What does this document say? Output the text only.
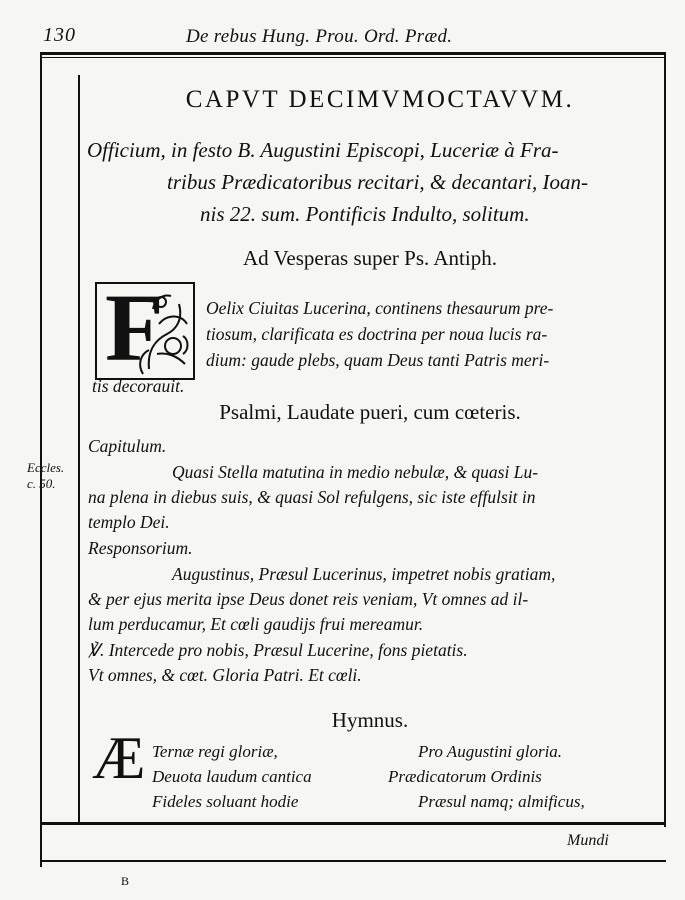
130	De rebus Hung. Prou. Ord. Præd.
CAPVT DECIMVMOCTAVVM.
Officium, in festo B. Augustini Episcopi, Luceriæ à Fra-
tribus Prædicatoribus recitari, & decantari, Ioan-
nis 22. sum. Pontificis Indulto, solitum.
Ad Vesperas super Ps. Antiph.
F Oelix Ciuitas Lucerina, continens thesaurum pre-
tiosum, clarificata es doctrina per noua lucis ra-
dium: gaude plebs, quam Deus tanti Patris meri-
tis decorauit.
Psalmi, Laudate pueri, cum cœteris.
Eccles.
c. 50.
Capitulum.
Quasi Stella matutina in medio nebulæ, & quasi Lu-
na plena in diebus suis, & quasi Sol refulgens, sic iste effulsit in
templo Dei.
Responsorium.
Augustinus, Præsul Lucerinus, impetret nobis gratiam,
& per ejus merita ipse Deus donet reis veniam, Vt omnes ad il-
lum perducamur, Et cœli gaudijs frui mereamur.
℣. Intercede pro nobis, Præsul Lucerine, fons pietatis.
Vt omnes, & cœt. Gloria Patri. Et cœli.
Hymnus.
Æ Ternæ regi gloriæ,
Deuota laudum cantica
Fideles soluant hodie
Pro Augustini gloria.
Prædicatorum Ordinis
Præsul namq; almificus,
Mundi
B
